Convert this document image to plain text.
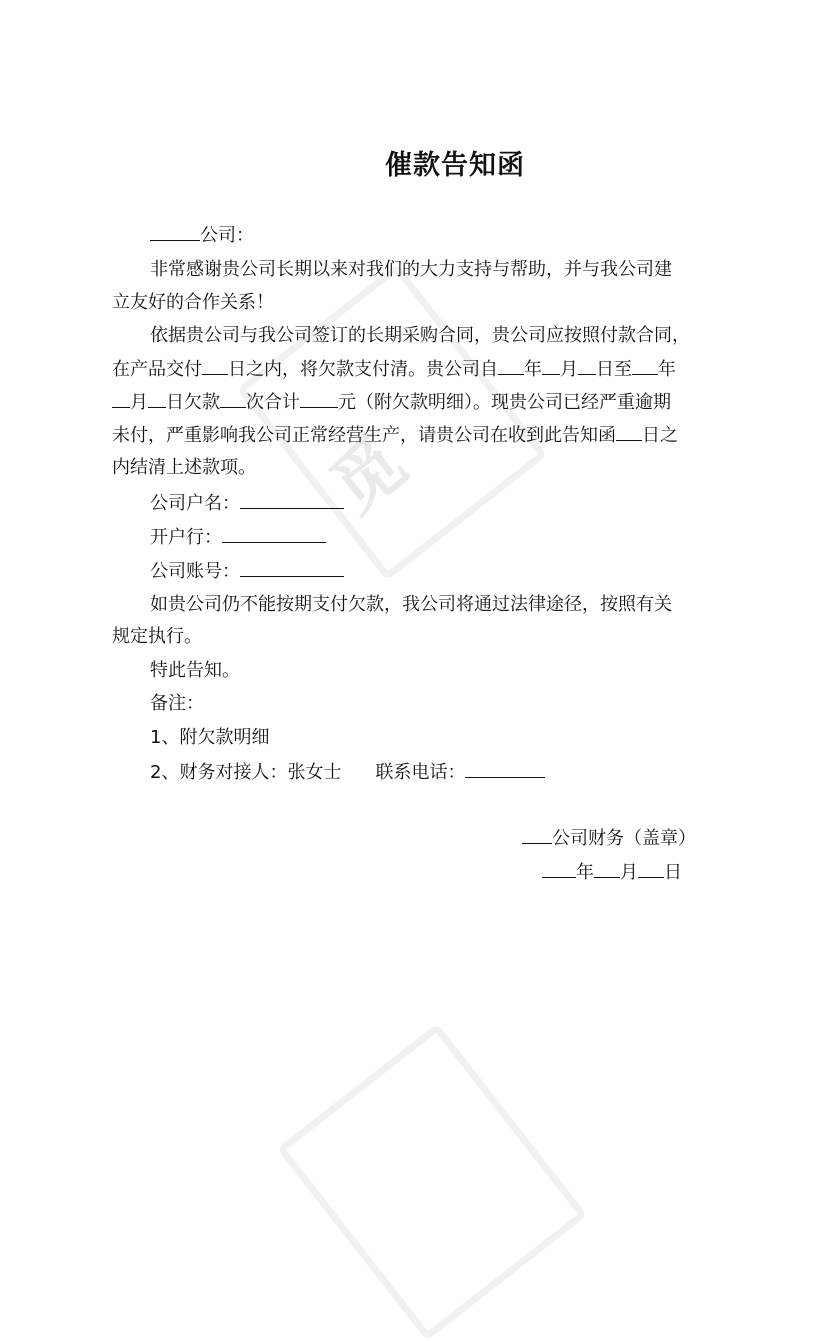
觅
催款告知函
公司：
非常感谢贵公司长期以来对我们的大力支持与帮助，并与我公司建
立友好的合作关系！
依据贵公司与我公司签订的长期采购合同，贵公司应按照付款合同，
在产品交付 日之内，将欠款支付清。贵公司自 年 月 日至 年
月 日欠款 次合计 元（附欠款明细）。现贵公司已经严重逾期
未付，严重影响我公司正常经营生产，请贵公司在收到此告知函 日之
内结清上述款项。
公司户名：
开户行：
公司账号：
如贵公司仍不能按期支付欠款，我公司将通过法律途径，按照有关
规定执行。
特此告知。
备注：
1、附欠款明细
2、财务对接人：张女士 联系电话：
公司财务（盖章）
年 月 日
